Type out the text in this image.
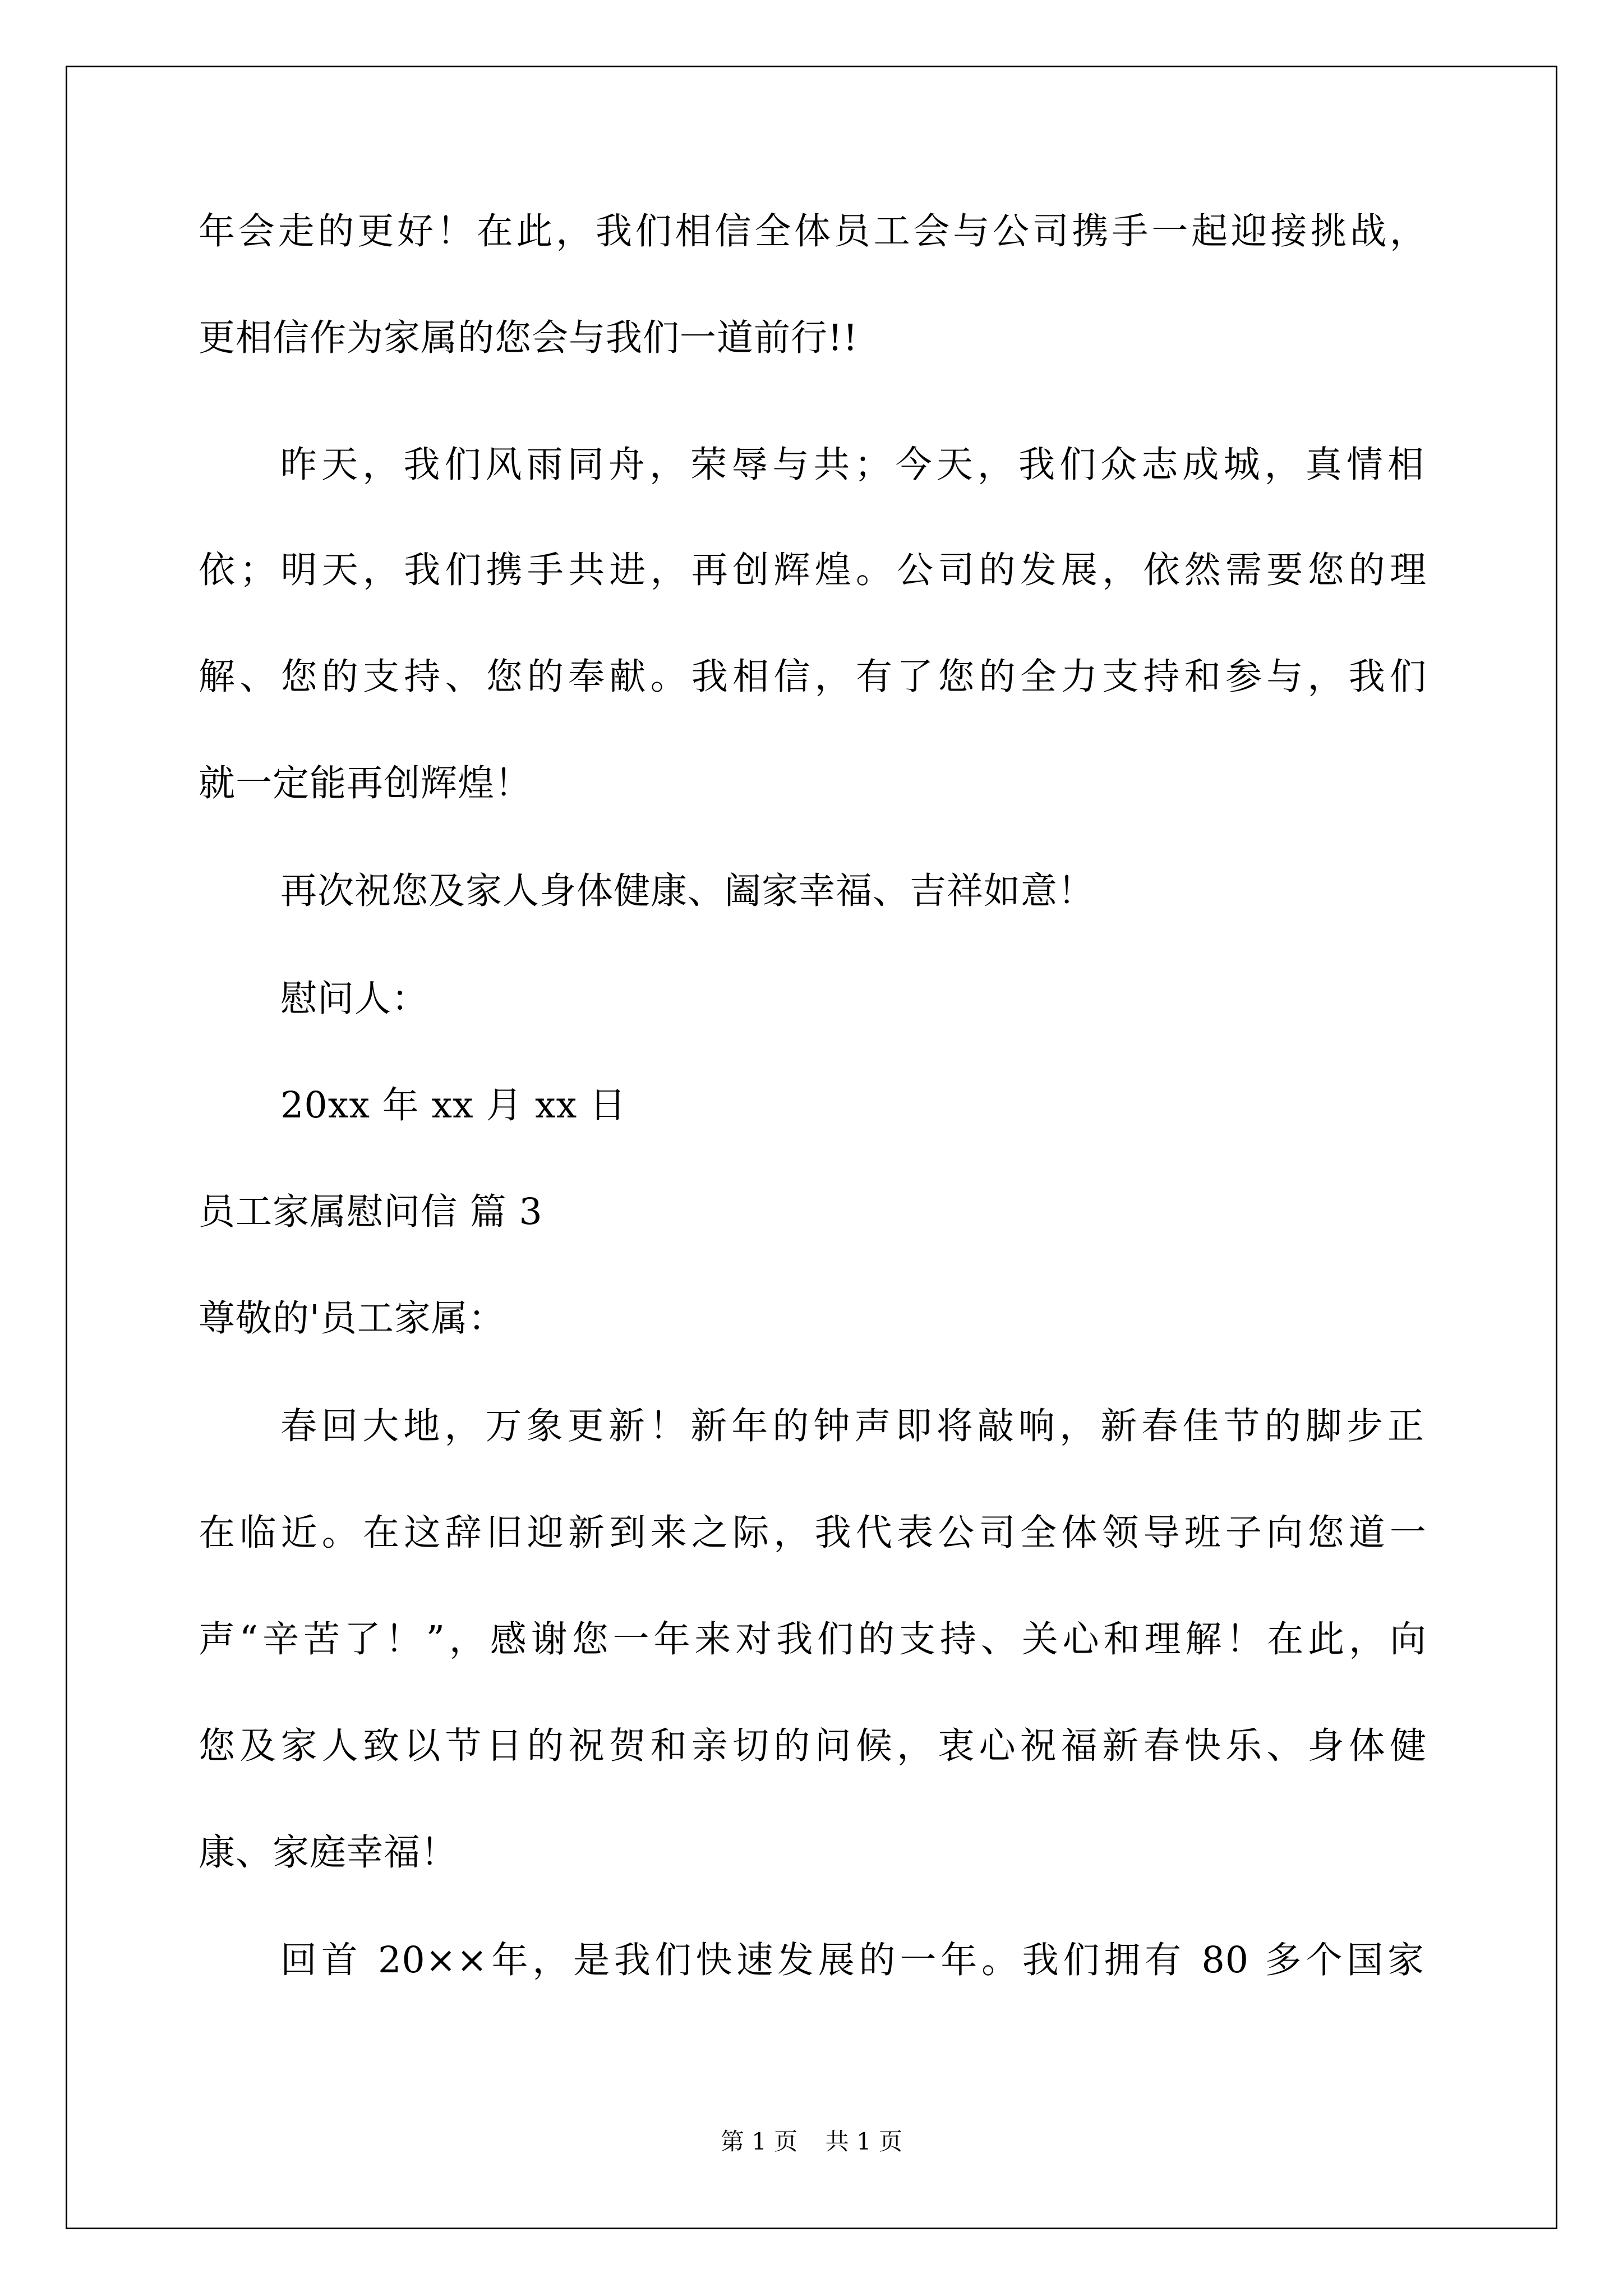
年会走的更好！在此，我们相信全体员工会与公司携手一起迎接挑战，
更相信作为家属的您会与我们一道前行!!
昨天，我们风雨同舟，荣辱与共；今天，我们众志成城，真情相
依；明天，我们携手共进，再创辉煌。公司的发展，依然需要您的理
解、您的支持、您的奉献。我相信，有了您的全力支持和参与，我们
就一定能再创辉煌！
再次祝您及家人身体健康、阖家幸福、吉祥如意！
慰问人：
20xx 年 xx 月 xx 日
员工家属慰问信 篇 3
尊敬的'员工家属：
春回大地，万象更新！新年的钟声即将敲响，新春佳节的脚步正
在临近。在这辞旧迎新到来之际，我代表公司全体领导班子向您道一
声“辛苦了！”，感谢您一年来对我们的支持、关心和理解！在此，向
您及家人致以节日的祝贺和亲切的问候，衷心祝福新春快乐、身体健
康、家庭幸福！
回首 20××年，是我们快速发展的一年。我们拥有 80 多个国家
第 1 页 共 1 页
